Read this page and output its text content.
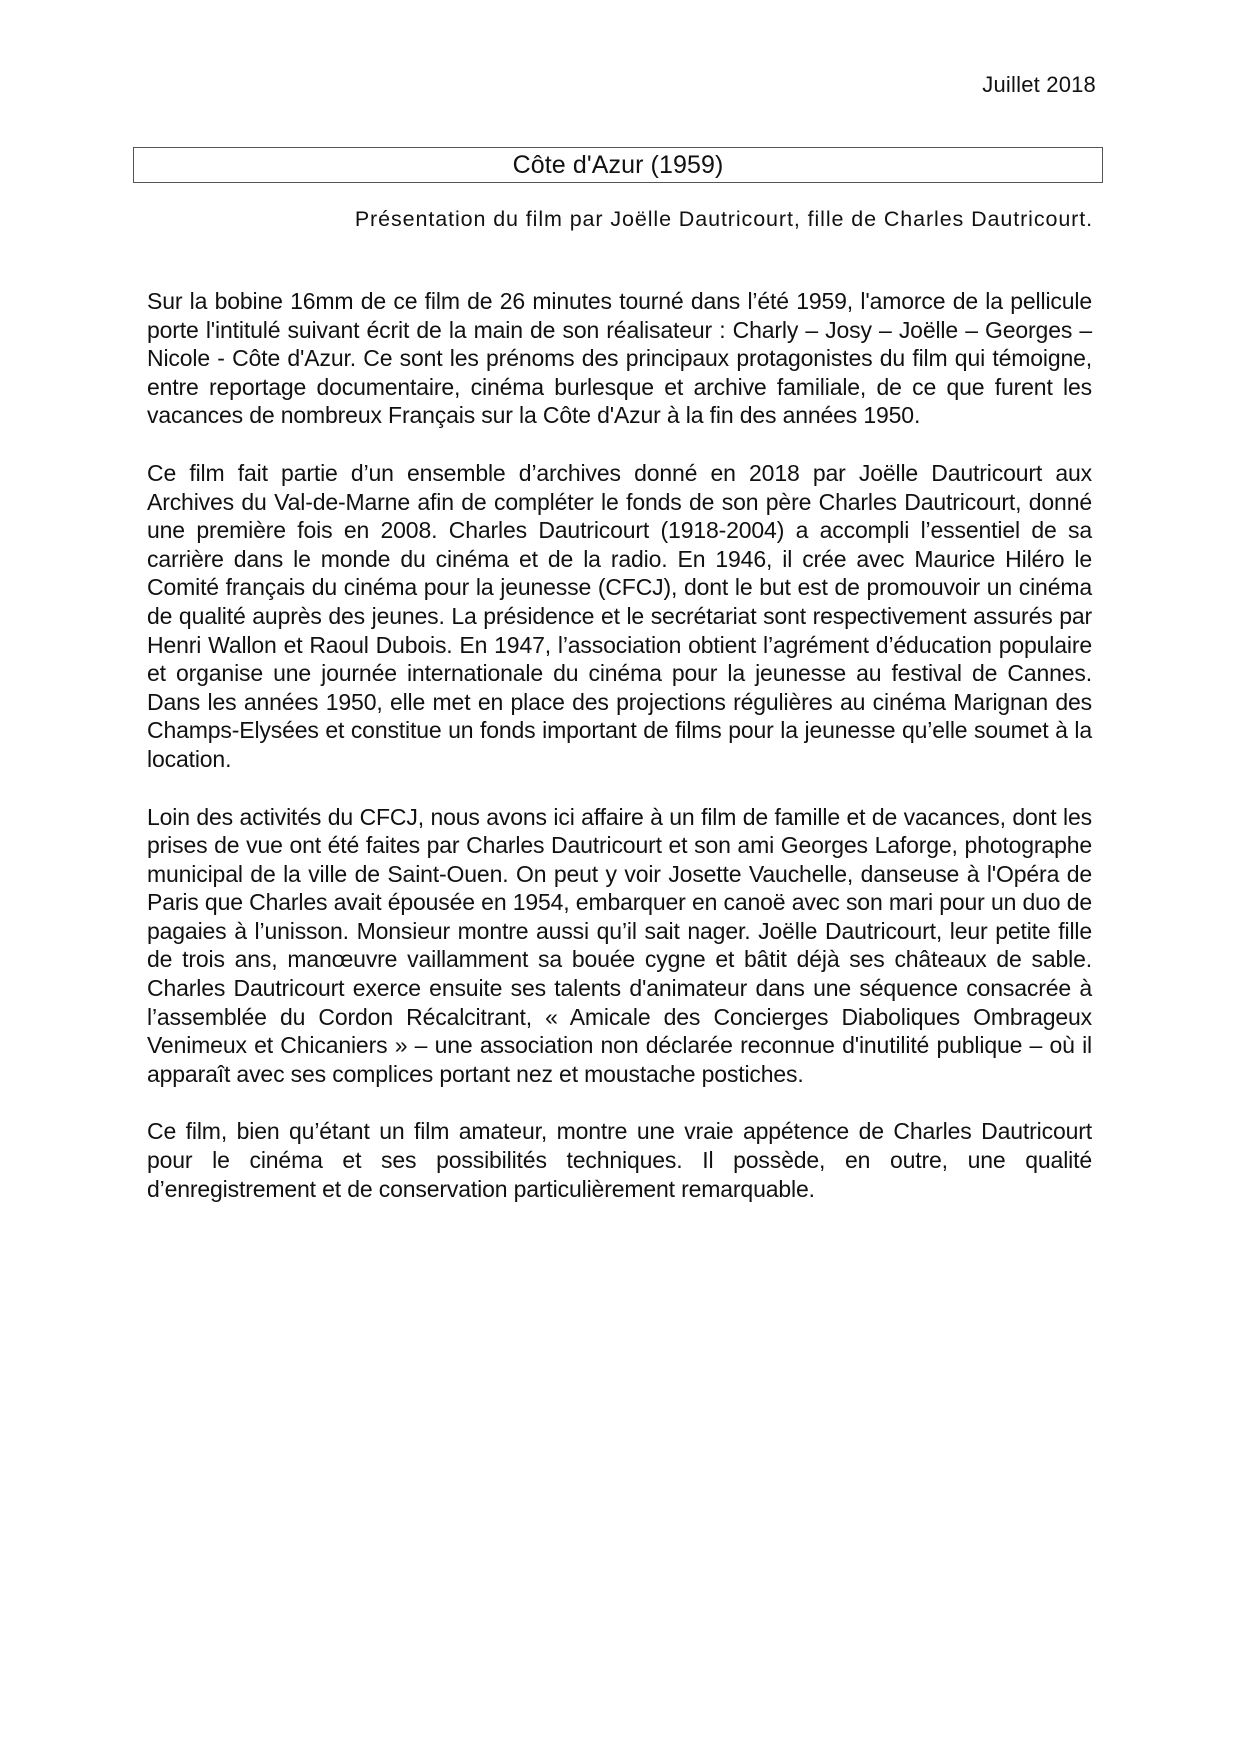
Juillet 2018
Côte d'Azur (1959)
Présentation du film par Joëlle Dautricourt, fille de Charles Dautricourt.

Sur la bobine 16mm de ce film de 26 minutes tourné dans l’été 1959, l'amorce de la pellicule porte l'intitulé suivant écrit de la main de son réalisateur : Charly – Josy – Joëlle – Georges – Nicole - Côte d'Azur. Ce sont les prénoms des principaux protagonistes du film qui témoigne, entre reportage documentaire, cinéma burlesque et archive familiale, de ce que furent les vacances de nombreux Français sur la Côte d'Azur à la fin des années 1950.

Ce film fait partie d’un ensemble d’archives donné en 2018 par Joëlle Dautricourt aux Archives du Val-de-Marne afin de compléter le fonds de son père Charles Dautricourt, donné une première fois en 2008. Charles Dautricourt (1918-2004) a accompli l’essentiel de sa carrière dans le monde du cinéma et de la radio. En 1946, il crée avec Maurice Hiléro le Comité français du cinéma pour la jeunesse (CFCJ), dont le but est de promouvoir un cinéma de qualité auprès des jeunes. La présidence et le secrétariat sont respectivement assurés par Henri Wallon et Raoul Dubois. En 1947, l’association obtient l’agrément d’éducation populaire et organise une journée internationale du cinéma pour la jeunesse au festival de Cannes. Dans les années 1950, elle met en place des projections régulières au cinéma Marignan des Champs-Elysées et constitue un fonds important de films pour la jeunesse qu’elle soumet à la location.

Loin des activités du CFCJ, nous avons ici affaire à un film de famille et de vacances, dont les prises de vue ont été faites par Charles Dautricourt et son ami Georges Laforge, photographe municipal de la ville de Saint-Ouen. On peut y voir Josette Vauchelle, danseuse à l'Opéra de Paris que Charles avait épousée en 1954, embarquer en canoë avec son mari pour un duo de pagaies à l’unisson. Monsieur montre aussi qu’il sait nager. Joëlle Dautricourt, leur petite fille de trois ans, manœuvre vaillamment sa bouée cygne et bâtit déjà ses châteaux de sable. Charles Dautricourt exerce ensuite ses talents d'animateur dans une séquence consacrée à l’assemblée du Cordon Récalcitrant, « Amicale des Concierges Diaboliques Ombrageux Venimeux et Chicaniers » – une association non déclarée reconnue d'inutilité publique – où il apparaît avec ses complices portant nez et moustache postiches.

Ce film, bien qu’étant un film amateur, montre une vraie appétence de Charles Dautricourt pour le cinéma et ses possibilités techniques. Il possède, en outre, une qualité d’enregistrement et de conservation particulièrement remarquable.
